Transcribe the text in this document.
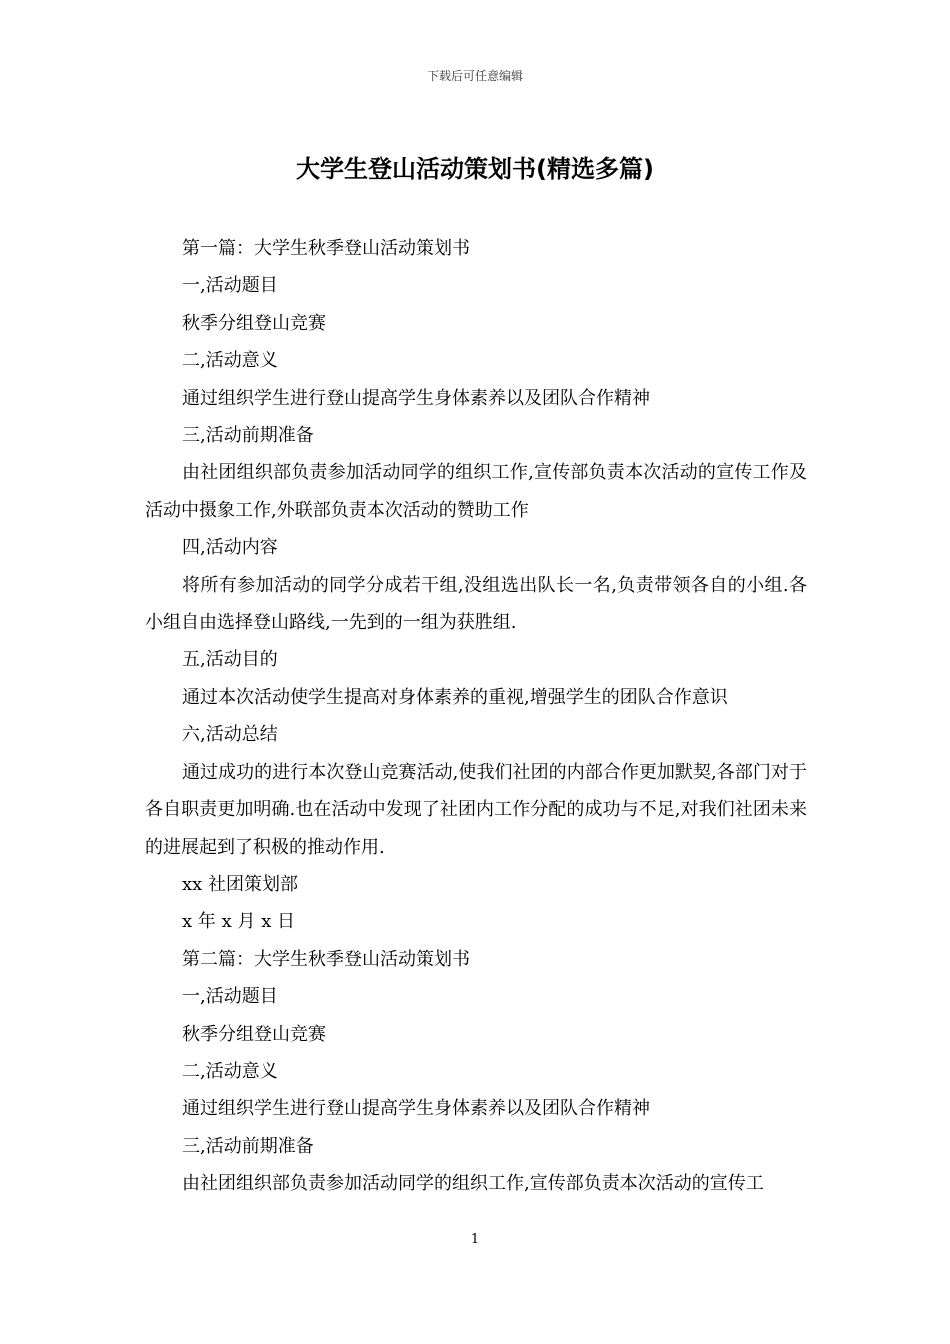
下载后可任意编辑
大学生登山活动策划书(精选多篇)

第一篇：大学生秋季登山活动策划书

一,活动题目

秋季分组登山竞赛

二,活动意义

通过组织学生进行登山提高学生身体素养以及团队合作精神

三,活动前期准备

由社团组织部负责参加活动同学的组织工作,宣传部负责本次活动的宣传工作及活动中摄象工作,外联部负责本次活动的赞助工作

四,活动内容

将所有参加活动的同学分成若干组,没组选出队长一名,负责带领各自的小组.各小组自由选择登山路线,一先到的一组为获胜组.

五,活动目的

通过本次活动使学生提高对身体素养的重视,增强学生的团队合作意识

六,活动总结

通过成功的进行本次登山竞赛活动,使我们社团的内部合作更加默契,各部门对于各自职责更加明确.也在活动中发现了社团内工作分配的成功与不足,对我们社团未来的进展起到了积极的推动作用.

xx 社团策划部

x 年 x 月 x 日

第二篇：大学生秋季登山活动策划书

一,活动题目

秋季分组登山竞赛

二,活动意义

通过组织学生进行登山提高学生身体素养以及团队合作精神

三,活动前期准备

由社团组织部负责参加活动同学的组织工作,宣传部负责本次活动的宣传工

1
